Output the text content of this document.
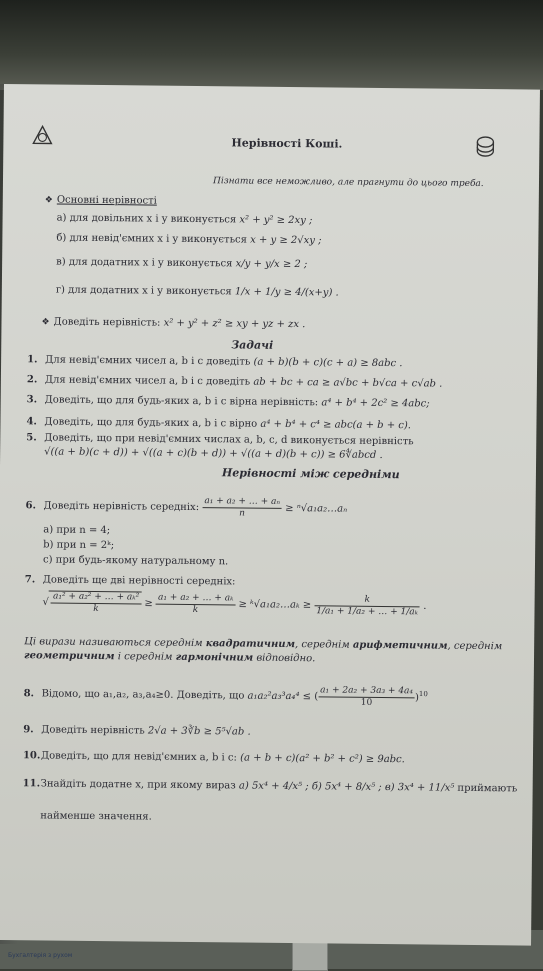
Бухгалтерія з рухом
Нерівності Коші.
Пізнати все неможливо, але прагнути до цього треба.
❖ Основні нерівності
а) для довільних x і y виконується x² + y² ≥ 2xy ;
б) для невід'ємних x і y виконується x + y ≥ 2√xy ;
в) для додатних x і y виконується x/y + y/x ≥ 2 ;
г) для додатних x і y виконується 1/x + 1/y ≥ 4/(x+y) .
❖ Доведіть нерівність: x² + y² + z² ≥ xy + yz + zx .
Задачі
1. Для невід'ємних чисел a, b і c доведіть (a + b)(b + c)(c + a) ≥ 8abc .
2. Для невід'ємних чисел a, b і c доведіть ab + bc + ca ≥ a√bc + b√ca + c√ab .
3. Доведіть, що для будь-яких a, b і c вірна нерівність: a⁴ + b⁴ + 2c² ≥ 4abc;
4. Доведіть, що для будь-яких a, b і c вірно a⁴ + b⁴ + c⁴ ≥ abc(a + b + c).
5. Доведіть, що при невід'ємних числах a, b, c, d виконується нерівність
√((a + b)(c + d)) + √((a + c)(b + d)) + √((a + d)(b + c)) ≥ 6∜abcd .
Нерівності між середніми
6. Доведіть нерівність середніх: $\frac{\text{a₁ + a₂ + … + aₙ}}{n}$ ≥ ⁿ√a₁a₂…aₙ
а) при n = 4;
b) при n = 2ᵏ;
c) при будь-якому натуральному n.
7. Доведіть ще дві нерівності середніх:
√ $\frac{\text{a₁² + a₂² + … + aₖ²}}{k} \ge \frac{\text{a₁ + a₂ + … + aₖ}}{k}$ ≥ ᵏ√a₁a₂…aₖ ≥ $\frac{k}{\text{1/a₁ + 1/a₂ + … + 1/aₖ}}$ .
Ці вирази називаються середнім квадратичним, середнім арифметичним, середнім
геометричним і середнім гармонічним відповідно.
8. Відомо, що a₁,a₂, a₃,a₄≥0. Доведіть, що a₁a₂²a₃³a₄⁴ ≤ ( $\frac{\text{a₁ + 2a₂ + 3a₃ + 4a₄}}{10} )^{10}$
9. Доведіть нерівність 2√a + 3∛b ≥ 5⁵√ab .
10.Доведіть, що для невід'ємних a, b і c: (a + b + c)(a² + b² + c²) ≥ 9abc.
11.Знайдіть додатне x, при якому вираз а) 5x⁴ + 4/x⁵ ; б) 5x⁴ + 8/x⁵ ; в) 3x⁴ + 11/x⁵ приймають
найменше значення.
